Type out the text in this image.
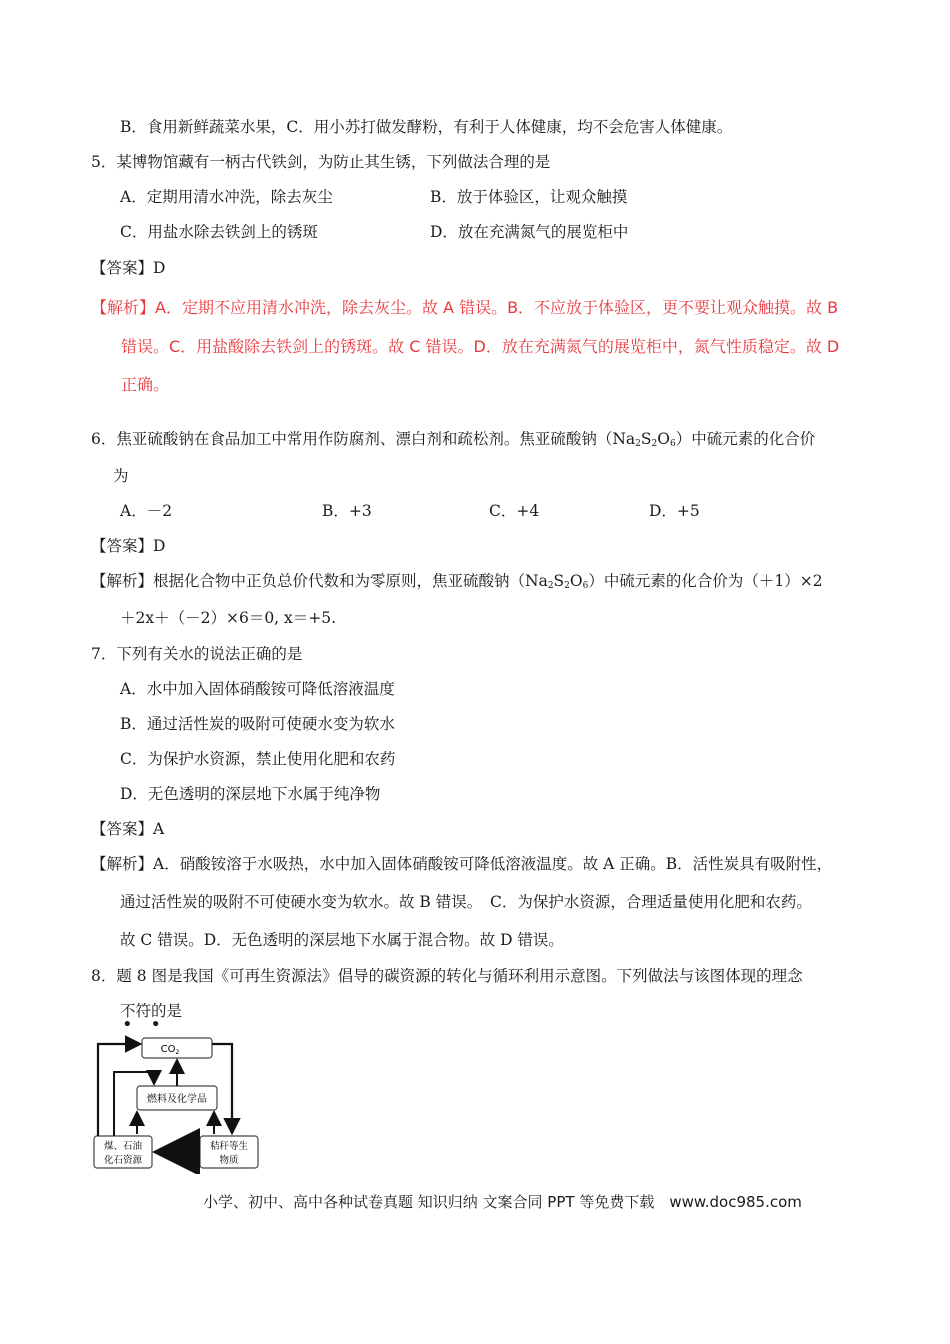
B．食用新鲜蔬菜水果，C．用小苏打做发酵粉，有利于人体健康，均不会危害人体健康。
5．某博物馆藏有一柄古代铁剑，为防止其生锈，下列做法合理的是
A．定期用清水冲洗，除去灰尘	B．放于体验区，让观众触摸
C．用盐水除去铁剑上的锈斑	D．放在充满氮气的展览柜中
【答案】D
【解析】A．定期不应用清水冲洗，除去灰尘。故 A 错误。B．不应放于体验区，更不要让观众触摸。故 B
错误。C．用盐酸除去铁剑上的锈斑。故 C 错误。D．放在充满氮气的展览柜中，氮气性质稳定。故 D
正确。
6．焦亚硫酸钠在食品加工中常用作防腐剂、漂白剂和疏松剂。焦亚硫酸钠$(Na_2S_2O_6)$中硫元素的化合价
为
A．－2	B．+3	C．+4	D．+5
【答案】D
【解析】根据化合物中正负总价代数和为零原则，焦亚硫酸钠$(Na_2S_2O_6)$中硫元素的化合价为（＋1）×2
＋2x＋（－2）×6＝0, x＝+5.
7．下列有关水的说法正确的是
A．水中加入固体硝酸铵可降低溶液温度
B．通过活性炭的吸附可使硬水变为软水
C．为保护水资源，禁止使用化肥和农药
D．无色透明的深层地下水属于纯净物
【答案】A
【解析】A．硝酸铵溶于水吸热，水中加入固体硝酸铵可降低溶液温度。故 A 正确。B．活性炭具有吸附性，
通过活性炭的吸附不可使硬水变为软水。故 B 错误。　C．为保护水资源，合理适量使用化肥和农药。
故 C 错误。D．无色透明的深层地下水属于混合物。故 D 错误。
8．题 8 图是我国《可再生资源法》倡导的碳资源的转化与循环利用示意图。下列做法与该图体现的理念
不符的是
• •
$CO_2$
燃料及化学品
煤、石油
化石资源
秸秆等生
物质
小学、初中、高中各种试卷真题 知识归纳 文案合同 PPT 等免费下载　www.doc985.com
